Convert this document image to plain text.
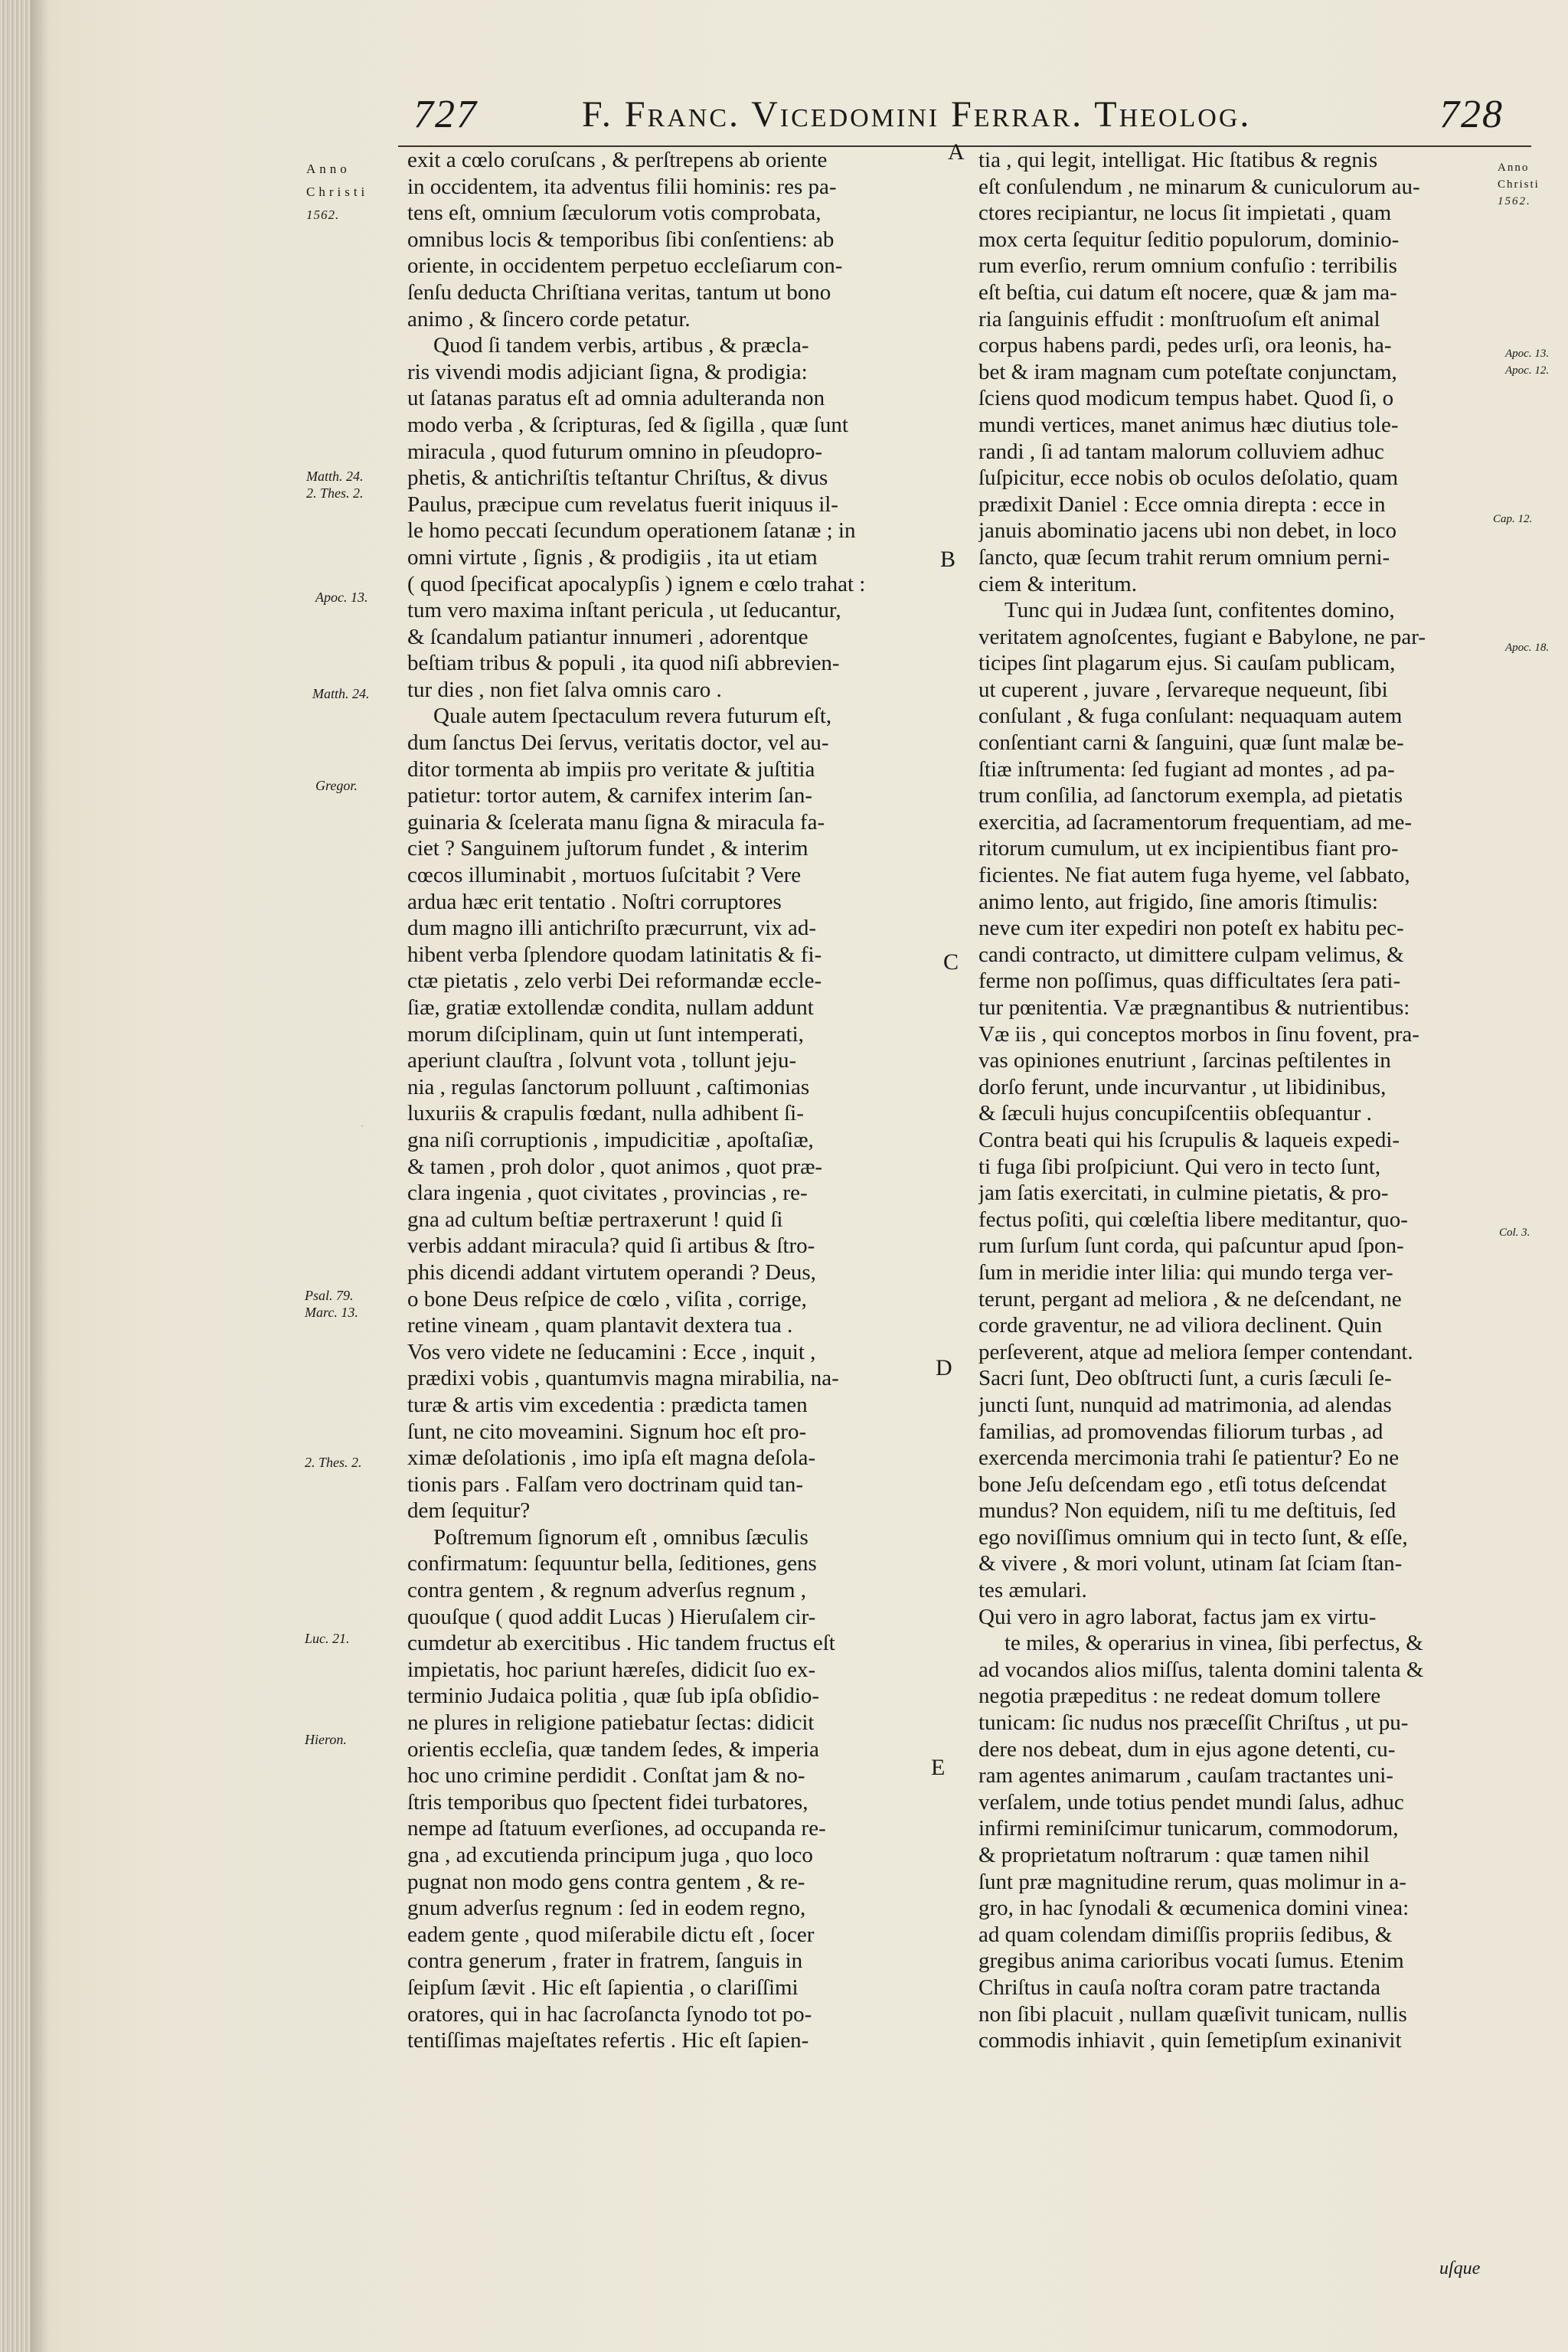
727	F. Franc. Vicedomini Ferrar. Theolog.	728
Anno
Christi
1562.
Anno
Christi
1562.
Matth. 24.
2. Thes. 2.
Apoc. 13.
Matth. 24.
Gregor.
Psal. 79.
Marc. 13.
2. Thes. 2.
Luc. 21.
Hieron.
Apoc. 13.
Apoc. 12.
Cap. 12.
Apoc. 18.
Col. 3.
A
B
C
D
E
ˇ
exit a cœlo coruſcans , & perſtrepens ab oriente
in occidentem, ita adventus filii hominis: res pa-
tens eſt, omnium ſæculorum votis comprobata,
omnibus locis & temporibus ſibi conſentiens: ab
oriente, in occidentem perpetuo eccleſiarum con-
ſenſu deducta Chriſtiana veritas, tantum ut bono
animo , & ſincero corde petatur.
Quod ſi tandem verbis, artibus , & præcla-
ris vivendi modis adjiciant ſigna, & prodigia:
ut ſatanas paratus eſt ad omnia adulteranda non
modo verba , & ſcripturas, ſed & ſigilla , quæ ſunt
miracula , quod futurum omnino in pſeudopro-
phetis, & antichriſtis teſtantur Chriſtus, & divus
Paulus, præcipue cum revelatus fuerit iniquus il-
le homo peccati ſecundum operationem ſatanæ ; in
omni virtute , ſignis , & prodigiis , ita ut etiam
( quod ſpecificat apocalypſis ) ignem e cœlo trahat :
tum vero maxima inſtant pericula , ut ſeducantur,
& ſcandalum patiantur innumeri , adorentque
beſtiam tribus & populi , ita quod niſi abbrevien-
tur dies , non fiet ſalva omnis caro .
Quale autem ſpectaculum revera futurum eſt,
dum ſanctus Dei ſervus, veritatis doctor, vel au-
ditor tormenta ab impiis pro veritate & juſtitia
patietur: tortor autem, & carnifex interim ſan-
guinaria & ſcelerata manu ſigna & miracula fa-
ciet ? Sanguinem juſtorum fundet , & interim
cœcos illuminabit , mortuos ſuſcitabit ? Vere
ardua hæc erit tentatio . Noſtri corruptores
dum magno illi antichriſto præcurrunt, vix ad-
hibent verba ſplendore quodam latinitatis & fi-
ctæ pietatis , zelo verbi Dei reformandæ eccle-
ſiæ, gratiæ extollendæ condita, nullam addunt
morum diſciplinam, quin ut ſunt intemperati,
aperiunt clauſtra , ſolvunt vota , tollunt jeju-
nia , regulas ſanctorum polluunt , caſtimonias
luxuriis & crapulis fœdant, nulla adhibent ſi-
gna niſi corruptionis , impudicitiæ , apoſtaſiæ,
& tamen , proh dolor , quot animos , quot præ-
clara ingenia , quot civitates , provincias , re-
gna ad cultum beſtiæ pertraxerunt ! quid ſi
verbis addant miracula? quid ſi artibus & ſtro-
phis dicendi addant virtutem operandi ? Deus,
o bone Deus reſpice de cœlo , viſita , corrige,
retine vineam , quam plantavit dextera tua .
Vos vero videte ne ſeducamini : Ecce , inquit ,
prædixi vobis , quantumvis magna mirabilia, na-
turæ & artis vim excedentia : prædicta tamen
ſunt, ne cito moveamini. Signum hoc eſt pro-
ximæ deſolationis , imo ipſa eſt magna deſola-
tionis pars . Falſam vero doctrinam quid tan-
dem ſequitur?
Poſtremum ſignorum eſt , omnibus ſæculis
confirmatum: ſequuntur bella, ſeditiones, gens
contra gentem , & regnum adverſus regnum ,
quouſque ( quod addit Lucas ) Hieruſalem cir-
cumdetur ab exercitibus . Hic tandem fructus eſt
impietatis, hoc pariunt hæreſes, didicit ſuo ex-
terminio Judaica politia , quæ ſub ipſa obſidio-
ne plures in religione patiebatur ſectas: didicit
orientis eccleſia, quæ tandem ſedes, & imperia
hoc uno crimine perdidit . Conſtat jam & no-
ſtris temporibus quo ſpectent fidei turbatores,
nempe ad ſtatuum everſiones, ad occupanda re-
gna , ad excutienda principum juga , quo loco
pugnat non modo gens contra gentem , & re-
gnum adverſus regnum : ſed in eodem regno,
eadem gente , quod miſerabile dictu eſt , ſocer
contra generum , frater in fratrem, ſanguis in
ſeipſum ſævit . Hic eſt ſapientia , o clariſſimi
oratores, qui in hac ſacroſancta ſynodo tot po-
tentiſſimas majeſtates refertis . Hic eſt ſapien-
tia , qui legit, intelligat. Hic ſtatibus & regnis
eſt conſulendum , ne minarum & cuniculorum au-
ctores recipiantur, ne locus ſit impietati , quam
mox certa ſequitur ſeditio populorum, dominio-
rum everſio, rerum omnium confuſio : terribilis
eſt beſtia, cui datum eſt nocere, quæ & jam ma-
ria ſanguinis effudit : monſtruoſum eſt animal
corpus habens pardi, pedes urſi, ora leonis, ha-
bet & iram magnam cum poteſtate conjunctam,
ſciens quod modicum tempus habet. Quod ſi, o
mundi vertices, manet animus hæc diutius tole-
randi , ſi ad tantam malorum colluviem adhuc
ſuſpicitur, ecce nobis ob oculos deſolatio, quam
prædixit Daniel : Ecce omnia direpta : ecce in
januis abominatio jacens ubi non debet, in loco
ſancto, quæ ſecum trahit rerum omnium perni-
ciem & interitum.
Tunc qui in Judæa ſunt, confitentes domino,
veritatem agnoſcentes, fugiant e Babylone, ne par-
ticipes ſint plagarum ejus. Si cauſam publicam,
ut cuperent , juvare , ſervareque nequeunt, ſibi
conſulant , & fuga conſulant: nequaquam autem
conſentiant carni & ſanguini, quæ ſunt malæ be-
ſtiæ inſtrumenta: ſed fugiant ad montes , ad pa-
trum conſilia, ad ſanctorum exempla, ad pietatis
exercitia, ad ſacramentorum frequentiam, ad me-
ritorum cumulum, ut ex incipientibus fiant pro-
ficientes. Ne fiat autem fuga hyeme, vel ſabbato,
animo lento, aut frigido, ſine amoris ſtimulis:
neve cum iter expediri non poteſt ex habitu pec-
candi contracto, ut dimittere culpam velimus, &
ferme non poſſimus, quas difficultates ſera pati-
tur pœnitentia. Væ prægnantibus & nutrientibus:
Væ iis , qui conceptos morbos in ſinu fovent, pra-
vas opiniones enutriunt , ſarcinas peſtilentes in
dorſo ferunt, unde incurvantur , ut libidinibus,
& ſæculi hujus concupiſcentiis obſequantur .
Contra beati qui his ſcrupulis & laqueis expedi-
ti fuga ſibi proſpiciunt. Qui vero in tecto ſunt,
jam ſatis exercitati, in culmine pietatis, & pro-
fectus poſiti, qui cœleſtia libere meditantur, quo-
rum ſurſum ſunt corda, qui paſcuntur apud ſpon-
ſum in meridie inter lilia: qui mundo terga ver-
terunt, pergant ad meliora , & ne deſcendant, ne
corde graventur, ne ad viliora declinent. Quin
perſeverent, atque ad meliora ſemper contendant.
Sacri ſunt, Deo obſtructi ſunt, a curis ſæculi ſe-
juncti ſunt, nunquid ad matrimonia, ad alendas
familias, ad promovendas filiorum turbas , ad
exercenda mercimonia trahi ſe patientur? Eo ne
bone Jeſu deſcendam ego , etſi totus deſcendat
mundus? Non equidem, niſi tu me deſtituis, ſed
ego noviſſimus omnium qui in tecto ſunt, & eſſe,
& vivere , & mori volunt, utinam ſat ſciam ſtan-
tes æmulari.
Qui vero in agro laborat, factus jam ex virtu-
te miles, & operarius in vinea, ſibi perfectus, &
ad vocandos alios miſſus, talenta domini talenta &
negotia præpeditus : ne redeat domum tollere
tunicam: ſic nudus nos præceſſit Chriſtus , ut pu-
dere nos debeat, dum in ejus agone detenti, cu-
ram agentes animarum , cauſam tractantes uni-
verſalem, unde totius pendet mundi ſalus, adhuc
infirmi reminiſcimur tunicarum, commodorum,
& proprietatum noſtrarum : quæ tamen nihil
ſunt præ magnitudine rerum, quas molimur in a-
gro, in hac ſynodali & œcumenica domini vinea:
ad quam colendam dimiſſis propriis ſedibus, &
gregibus anima carioribus vocati ſumus. Etenim
Chriſtus in cauſa noſtra coram patre tractanda
non ſibi placuit , nullam quæſivit tunicam, nullis
commodis inhiavit , quin ſemetipſum exinanivit
uſque
